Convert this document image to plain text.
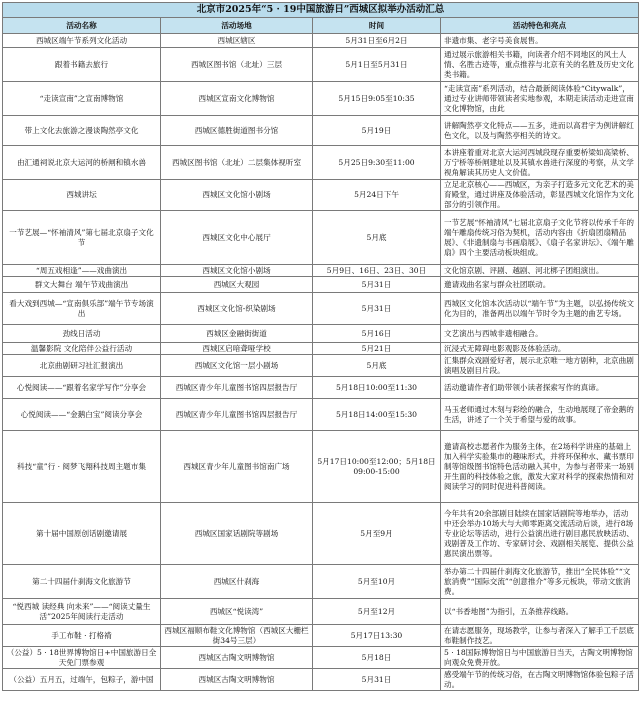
北京市2025年“5 · 19中国旅游日”西城区拟举办活动汇总			
活动名称	活动场地	时间	活动特色和亮点
西城区端午节系列文化活动	西城区辖区	5月31日至6月2日	非遗市集、老字号美食展售。
跟着书籍去旅行	西城区图书馆（北址）三层	5月1日至5月31日	通过展示旅游相关书籍，向读者介绍不同地区的风土人情、名胜古迹等，重点推荐与北京有关的名胜及历史文化类书籍。
“走读宣南”之宣南博物馆	西城区宣南文化博物馆	5月15日9:05至10:35	“走读宣南”系列活动，结合最新阅读体验“Citywalk”，通过专业讲师带领读者实地参观，本期走读活动走进宣南文化博物馆，由此
带上文化去旅游之漫谈陶然亭文化	西城区德胜街道图书分馆	5月19日	讲解陶然亭文化特点——五多，进而以高君宇为例讲解红色文化，以及与陶然亭相关的诗文。
由汇通祠说北京大运河的桥闸和镇水兽	西城区图书馆（北址）二层集体视听室	5月25日9:30至11:00	本讲座着重对北京大运河西城段现存重要桥梁如高梁桥、万宁桥等桥闸建址以及其镇水兽进行深度的考察，从文学视角解读其历史人文价值。
西城讲坛	西城区文化馆小剧场	5月24日下午	立足北京核心——西城区，为亲子打造多元文化艺术的美育殿堂，通过讲座及体验活动，彰显西城文化馆作为文化部分的引领作用。
一节艺展—“怀袖清风”第七届北京扇子文化节	西城区文化中心展厅	5月底	一节艺展“怀袖清风”七届北京扇子文化节将以传承千年的端午雕扇传统习俗为契机，活动内容由《折扇团扇精品展》、《非遗制扇与书画扇展》、《扇子名家讲坛》、《端午雕扇》四个主要活动板块组成。
“周五戏相逢”——戏曲演出	西城区文化馆小剧场	5月9日、16日、23日、30日	文化馆京剧、评剧、越剧、河北梆子团组演出。
群文大舞台 端午节戏曲演出	西城区大观园	5月31日	邀请戏曲名家与群众社团联动。
看大戏到西城—“宣南俱乐部”端午节专场演出	西城区文化馆-织染剧场	5月31日	西城区文化馆本次活动以“端午节”为主题，以弘扬传统文化为目的，准备两出以端午节时令为主题的曲艺专场。
劲线日活动	西城区金融街街道	5月16日	文艺演出与西城非遗相融合。
温馨影院 文化陪伴公益行活动	西城区启喑聋哑学校	5月21日	沉浸式无障碍电影观影及体验活动。
北京曲剧研习社汇报演出	西城区文化馆一层小剧场	5月底	汇集群众戏剧爱好者，展示北京唯一地方剧种，北京曲剧演唱及剧目片段。
心悦阅读——“跟着名家学写作”分享会	西城区青少年儿童图书馆四层报告厅	5月18日10:00至11:30	活动邀请作者们助带领小读者探索写作的真谛。
心悦阅读——“金鹅白宝”阅读分享会	西城区青少年儿童图书馆四层报告厅	5月18日14:00至15:30	马玉老师通过木刻与彩绘的融合，生动地展现了帝金鹅的生活，讲述了一个关于希望与爱的故事。
科技“童”行 · 阅梦飞翔科技周主题市集	西城区青少年儿童图书馆南广场	5月17日10:00至12:00；5月18日09:00-15:00	邀请高校志愿者作为服务主体，在2场科学讲座的基础上加入科学实验集市的趣味形式，并将环保种水、藏书票印制等馆级图书馆特色活动融入其中，为参与者带来一场别开生面的科技体验之旅，激发大家对科学的探索热情和对阅读学习的同时促进科普阅读。
第十届中国原创话剧邀请展	西城区国家话剧院等剧场	5月至9月	今年共有20余部剧目陆续在国家话剧院等地举办，活动中还会举办10场大与大师零距离交流活动后谈，进行8场专业论坛等活动，进行公益演出进行剧目惠民放映活动、戏剧普及工作坊、专家研讨会、戏剧相关展览、提供公益惠民演出票等。
第二十四届什刹海文化旅游节	西城区什刹海	5月至10月	举办第二十四届什刹海文化旅游节，推出“全民体验”“文旅消费”“国际交流”“创意推介”等多元板块，带动文旅消费。
“悦西城 读经典 向未来”——“阅读丈量生活”2025年阅读行走活动	西城区“悦读湾”	5月至12月	以“书香地图”为指引，五条推荐线路。
手工布鞋 · 打格褙	西城区福顺布鞋文化博物馆（西城区大栅栏街34号三层）	5月17日13:30	在请志愿服务，现场教学，让参与者深入了解手工千层底布鞋制作技艺。
（公益）5 · 18世界博物馆日+中国旅游日全天免门票参观	西城区古陶文明博物馆	5月18日	5 · 18国际博物馆日与中国旅游日当天，古陶文明博物馆向观众免费开放。
（公益）五月五，过端午，包粽子，游中国	西城区古陶文明博物馆	5月31日	感受端午节的传统习俗，在古陶文明博物馆体验包粽子活动。
